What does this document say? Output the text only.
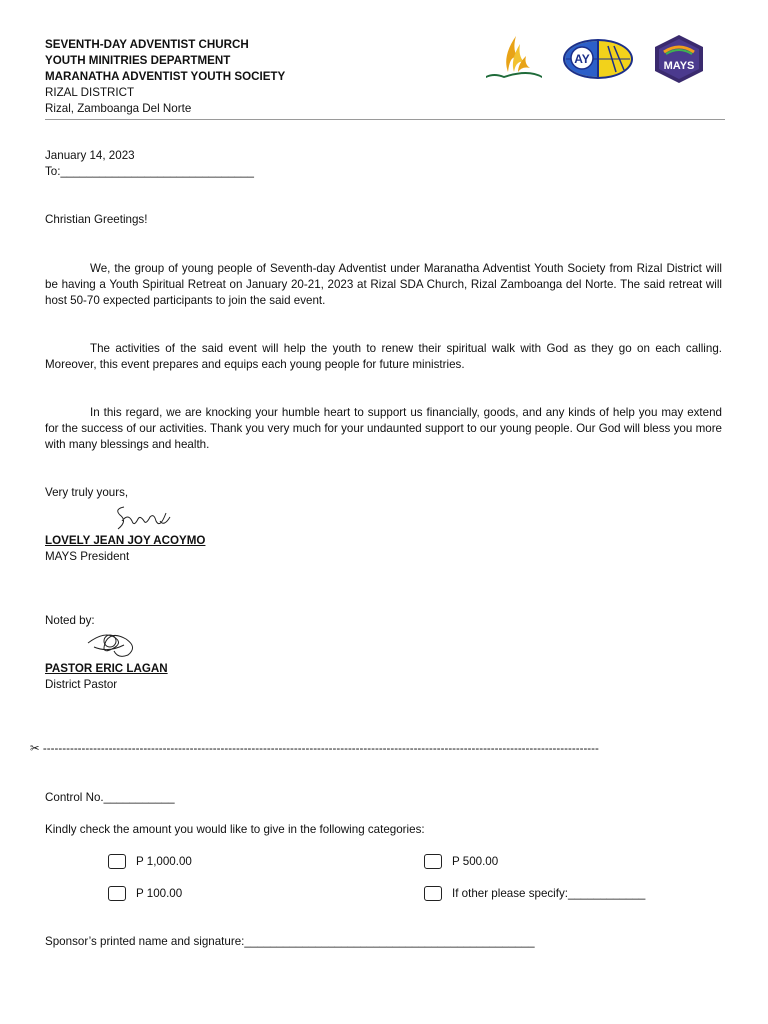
SEVENTH-DAY ADVENTIST CHURCH
YOUTH MINITRIES DEPARTMENT
MARANATHA ADVENTIST YOUTH SOCIETY
RIZAL DISTRICT
Rizal, Zamboanga Del Norte
AY	MAYS
January 14, 2023
To:______________________________
Christian Greetings!
We, the group of young people of Seventh-day Adventist under Maranatha Adventist Youth Society from Rizal District will be having a Youth Spiritual Retreat on January 20-21, 2023 at Rizal SDA Church, Rizal Zamboanga del Norte. The said retreat will host 50-70 expected participants to join the said event.
The activities of the said event will help the youth to renew their spiritual walk with God as they go on each calling. Moreover, this event prepares and equips each young people for future ministries.
In this regard, we are knocking your humble heart to support us financially, goods, and any kinds of help you may extend for the success of our activities. Thank you very much for your undaunted support to our young people. Our God will bless you more with many blessings and health.
Very truly yours,
LOVELY JEAN JOY ACOYMO
MAYS President
Noted by:
PASTOR ERIC LAGAN
District Pastor
✂ ------------------------------------------------------------------------------------------------------------------------------------------------
Control No.___________
Kindly check the amount you would like to give in the following categories:
P 1,000.00	P 500.00
P 100.00	If other please specify:____________
Sponsor’s printed name and signature:_____________________________________________
